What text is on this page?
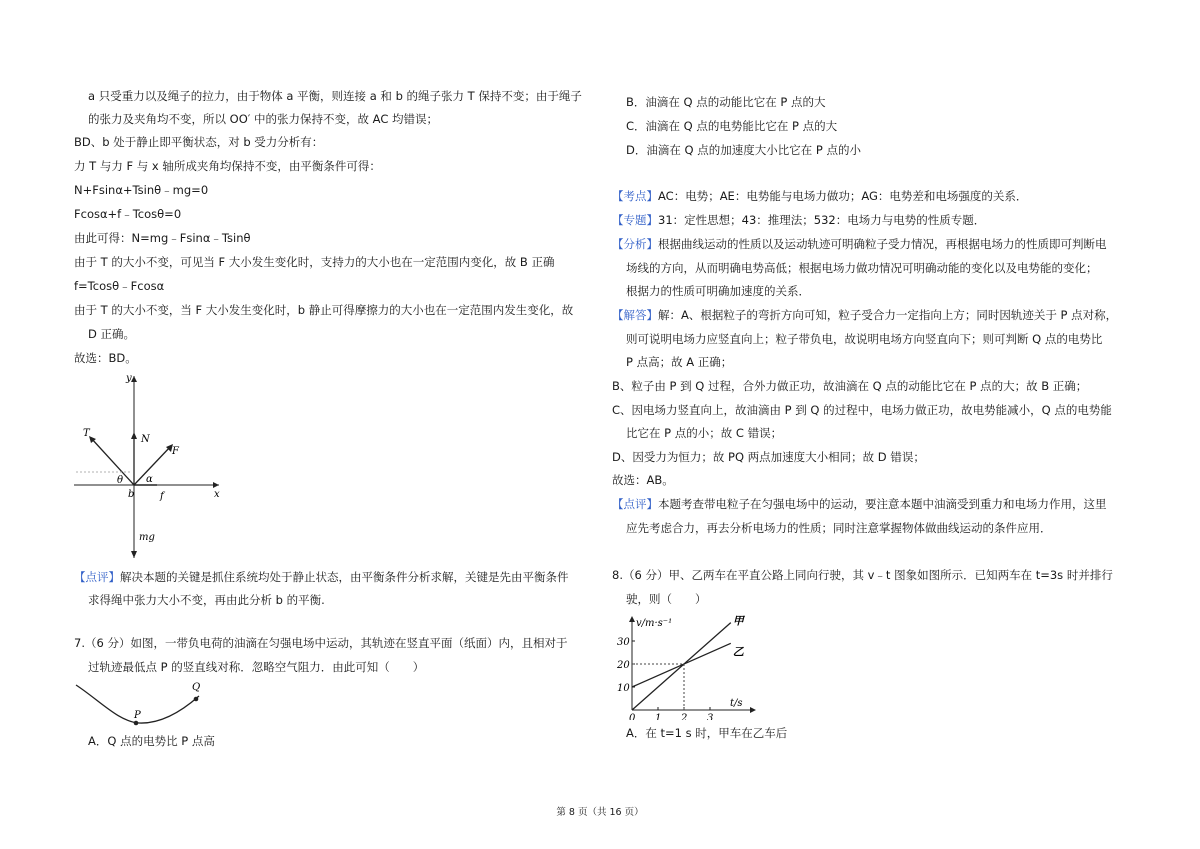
a 只受重力以及绳子的拉力，由于物体 a 平衡，则连接 a 和 b 的绳子张力 T 保持不变；由于绳子
的张力及夹角均不变，所以 OO′ 中的张力保持不变，故 AC 均错误；
BD、b 处于静止即平衡状态，对 b 受力分析有：
力 T 与力 F 与 x 轴所成夹角均保持不变，由平衡条件可得：
N+Fsinα+Tsinθ﹣mg=0
Fcosα+f﹣Tcosθ=0
由此可得：N=mg﹣Fsinα﹣Tsinθ
由于 T 的大小不变，可见当 F 大小发生变化时，支持力的大小也在一定范围内变化，故 B 正确
f=Tcosθ﹣Fcosα
由于 T 的大小不变，当 F 大小发生变化时，b 静止可得摩擦力的大小也在一定范围内发生变化，故
D 正确。
故选：BD。
y
x
T
N
F
f
mg
b
θ α
【点评】解决本题的关键是抓住系统均处于静止状态，由平衡条件分析求解，关键是先由平衡条件
求得绳中张力大小不变，再由此分析 b 的平衡.
7.（6 分）如图，一带负电荷的油滴在匀强电场中运动，其轨迹在竖直平面（纸面）内，且相对于
过轨迹最低点 P 的竖直线对称．忽略空气阻力．由此可知（　　）
P
Q
A．Q 点的电势比 P 点高
B．油滴在 Q 点的动能比它在 P 点的大
C．油滴在 Q 点的电势能比它在 P 点的大
D．油滴在 Q 点的加速度大小比它在 P 点的小
【考点】AC：电势；AE：电势能与电场力做功；AG：电势差和电场强度的关系．
【专题】31：定性思想；43：推理法；532：电场力与电势的性质专题．
【分析】根据曲线运动的性质以及运动轨迹可明确粒子受力情况，再根据电场力的性质即可判断电
场线的方向，从而明确电势高低；根据电场力做功情况可明确动能的变化以及电势能的变化；
根据力的性质可明确加速度的关系．
【解答】解：A、根据粒子的弯折方向可知，粒子受合力一定指向上方；同时因轨迹关于 P 点对称，
则可说明电场力应竖直向上；粒子带负电，故说明电场方向竖直向下；则可判断 Q 点的电势比
P 点高；故 A 正确；
B、粒子由 P 到 Q 过程，合外力做正功，故油滴在 Q 点的动能比它在 P 点的大；故 B 正确；
C、因电场力竖直向上，故油滴由 P 到 Q 的过程中，电场力做正功，故电势能减小，Q 点的电势能
比它在 P 点的小；故 C 错误；
D、因受力为恒力；故 PQ 两点加速度大小相同；故 D 错误；
故选：AB。
【点评】本题考查带电粒子在匀强电场中的运动，要注意本题中油滴受到重力和电场力作用，这里
应先考虑合力，再去分析电场力的性质；同时注意掌握物体做曲线运动的条件应用．
8.（6 分）甲、乙两车在平直公路上同向行驶，其 v﹣t 图象如图所示．已知两车在 t=3s 时并排行
驶，则（　　）
v/m·s⁻¹
t/s
0 1 2 3
10
20
30
甲
乙
A．在 t=1 s 时，甲车在乙车后
第 8 页（共 16 页）
